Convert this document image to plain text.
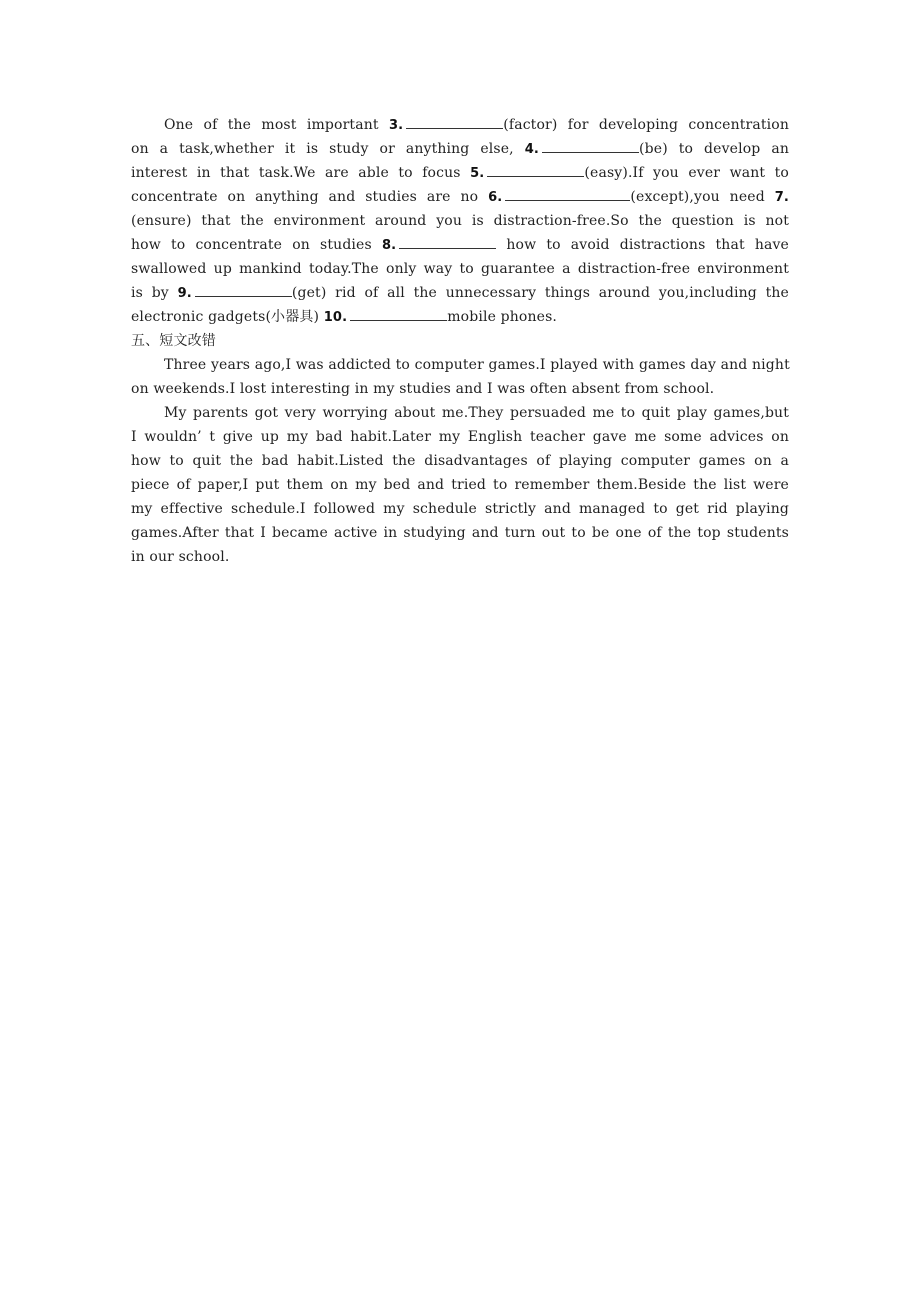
One of the most important 3.	(factor) for developing concentration
on a task,whether it is study or anything else, 4.	(be) to develop an
interest in that task.We are able to focus 5.	(easy).If you ever want to
concentrate on anything and studies are no 6.	(except),you need 7.
(ensure) that the environment around you is distraction-free.So the question is not
how to concentrate on studies 8.	how to avoid distractions that have
swallowed up mankind today.The only way to guarantee a distraction-free environment
is by 9.	(get) rid of all the unnecessary things around you,including the
electronic gadgets(小器具) 10.	mobile phones.
五、短文改错
Three years ago,I was addicted to computer games.I played with games day and night
on weekends.I lost interesting in my studies and I was often absent from school.
My parents got very worrying about me.They persuaded me to quit play games,but
I wouldn’ t give up my bad habit.Later my English teacher gave me some advices on
how to quit the bad habit.Listed the disadvantages of playing computer games on a
piece of paper,I put them on my bed and tried to remember them.Beside the list were
my effective schedule.I followed my schedule strictly and managed to get rid playing
games.After that I became active in studying and turn out to be one of the top students
in our school.
